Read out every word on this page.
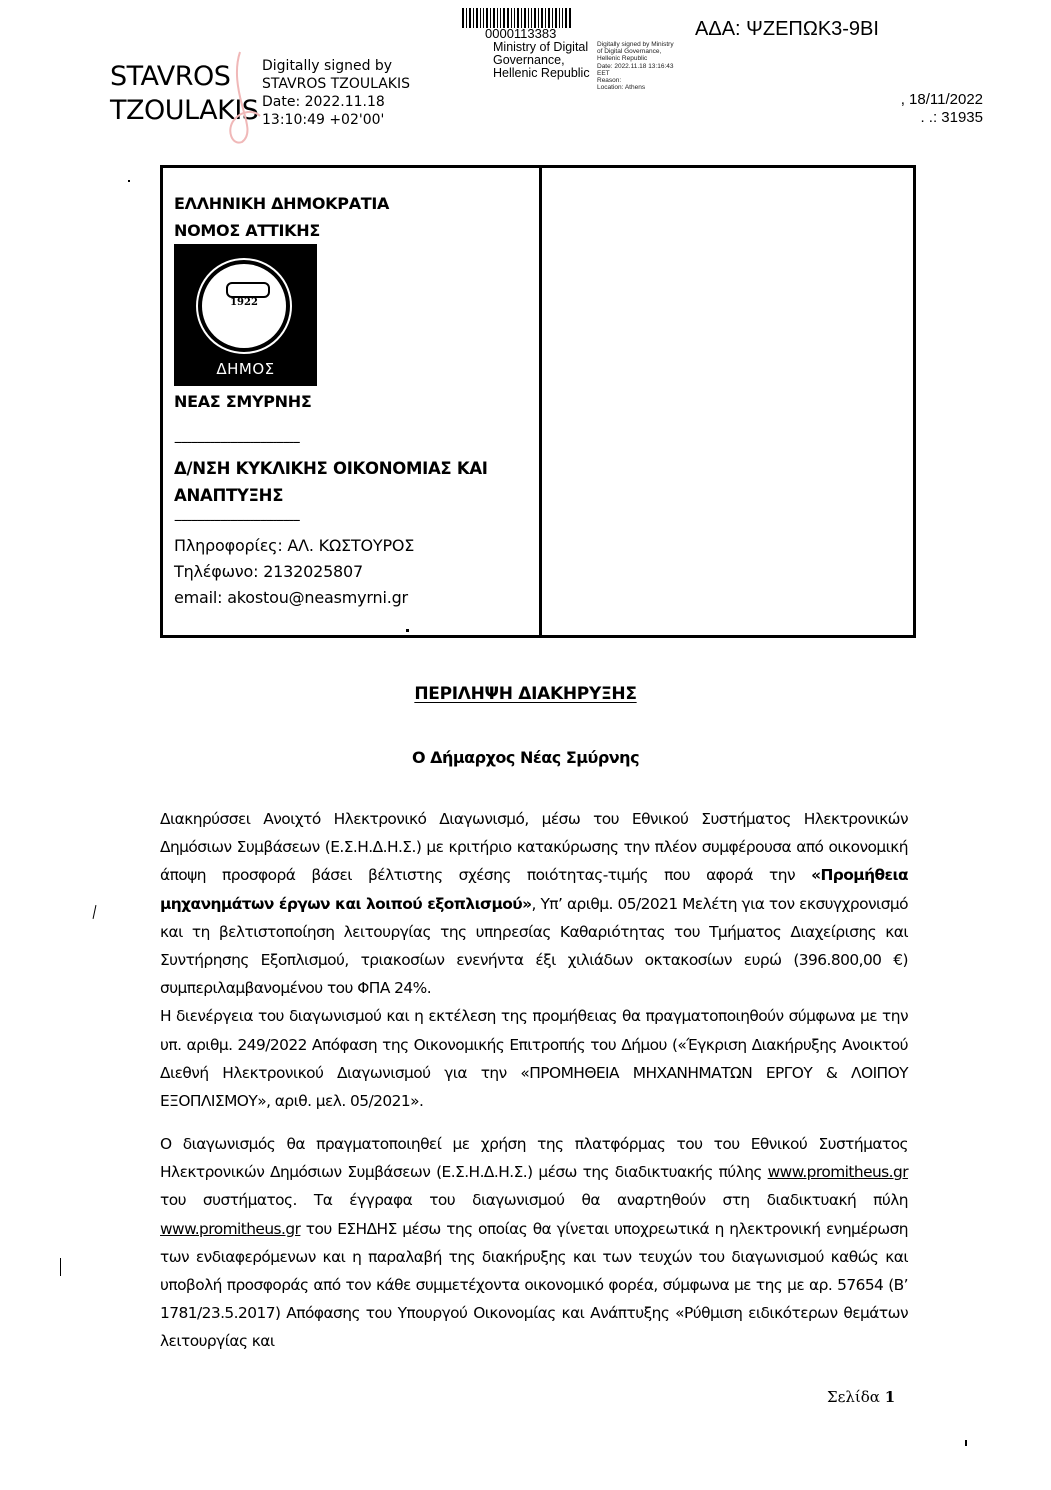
STAVROS
TZOULAKIS
Digitally signed by
STAVROS TZOULAKIS
Date: 2022.11.18
13:10:49 +02'00'
0000113383
Ministry of Digital
Governance,
Hellenic Republic
Digitally signed by Ministry
of Digital Governance,
Hellenic Republic
Date: 2022.11.18 13:16:43
EET
Reason:
Location: Athens
ΑΔΑ: ΨΖΕΠΩΚ3-9ΒΙ
, 18/11/2022
. .: 31935
ΕΛΛΗΝΙΚΗ ΔΗΜΟΚΡΑΤΙΑ
ΝΟΜΟΣ ΑΤΤΙΚΗΣ
1922
ΔΗΜΟΣ
ΝΕΑΣ ΣΜΥΡΝΗΣ
--------------------------------------
Δ/ΝΣΗ ΚΥΚΛΙΚΗΣ ΟΙΚΟΝΟΜΙΑΣ ΚΑΙ
ΑΝΑΠΤΥΞΗΣ
--------------------------------------
Πληροφορίες: ΑΛ. ΚΩΣΤΟΥΡΟΣ
Τηλέφωνο: 2132025807
email: akostou@neasmyrni.gr
ΠΕΡΙΛΗΨΗ ΔΙΑΚΗΡΥΞΗΣ
Ο Δήμαρχος Νέας Σμύρνης

Διακηρύσσει Ανοιχτό Ηλεκτρονικό Διαγωνισμό, μέσω του Εθνικού Συστήματος Ηλεκτρονικών Δημόσιων Συμβάσεων (Ε.Σ.Η.Δ.Η.Σ.) με κριτήριο κατακύρωσης την πλέον συμφέρουσα από οικονομική άποψη προσφορά βάσει βέλτιστης σχέσης ποιότητας-τιμής που αφορά την «Προμήθεια μηχανημάτων έργων και λοιπού εξοπλισμού», Υπ’ αριθμ. 05/2021 Μελέτη για τον εκσυγχρονισμό και τη βελτιστοποίηση λειτουργίας της υπηρεσίας Καθαριότητας του Τμήματος Διαχείρισης και Συντήρησης Εξοπλισμού, τριακοσίων ενενήντα έξι χιλιάδων οκτακοσίων ευρώ (396.800,00 €) συμπεριλαμβανομένου του ΦΠΑ 24%.

Η διενέργεια του διαγωνισμού και η εκτέλεση της προμήθειας θα πραγματοποιηθούν σύμφωνα με την υπ. αριθμ. 249/2022 Απόφαση της Οικονομικής Επιτροπής του Δήμου («Έγκριση Διακήρυξης Ανοικτού Διεθνή Ηλεκτρονικού Διαγωνισμού για την «ΠΡΟΜΗΘΕΙΑ ΜΗΧΑΝΗΜΑΤΩΝ ΕΡΓΟΥ & ΛΟΙΠΟΥ ΕΞΟΠΛΙΣΜΟΥ», αριθ. μελ. 05/2021».

Ο διαγωνισμός θα πραγματοποιηθεί με χρήση της πλατφόρμας του του Εθνικού Συστήματος Ηλεκτρονικών Δημόσιων Συμβάσεων (Ε.Σ.Η.Δ.Η.Σ.) μέσω της διαδικτυακής πύλης www.promitheus.gr του συστήματος. Τα έγγραφα του διαγωνισμού θα αναρτηθούν στη διαδικτυακή πύλη www.promitheus.gr του ΕΣΗΔΗΣ μέσω της οποίας θα γίνεται υποχρεωτικά η ηλεκτρονική ενημέρωση των ενδιαφερόμενων και η παραλαβή της διακήρυξης και των τευχών του διαγωνισμού καθώς και υποβολή προσφοράς από τον κάθε συμμετέχοντα οικονομικό φορέα, σύμφωνα με της με αρ. 57654 (Β’ 1781/23.5.2017) Απόφασης του Υπουργού Οικονομίας και Ανάπτυξης «Ρύθμιση ειδικότερων θεμάτων λειτουργίας και

Σελίδα 1
